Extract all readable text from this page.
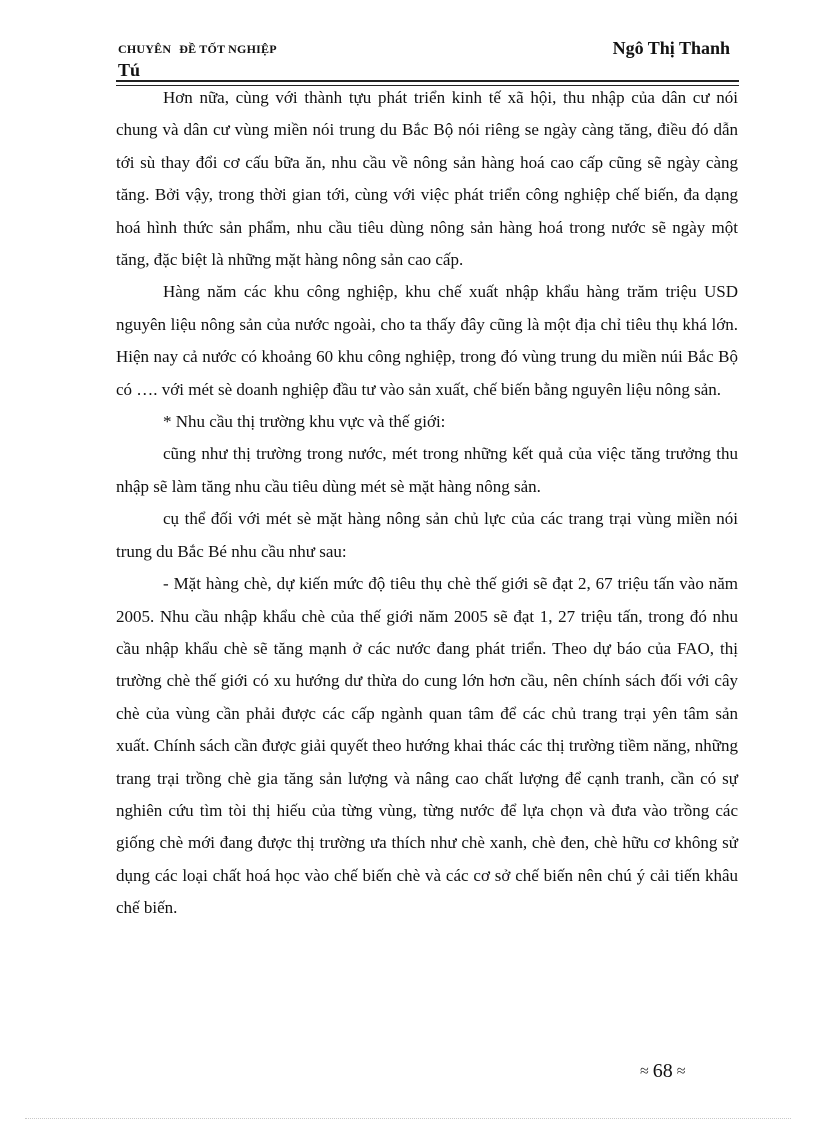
CHUYÊN ĐỀ TỐT NGHIỆP	Ngô Thị Thanh
Tú

Hơn nữa, cùng với thành tựu phát triển kinh tế xã hội, thu nhập của dân cư nói chung và dân cư vùng miền nói trung du Bắc Bộ nói riêng se ngày càng tăng, điều đó dẫn tới sù thay đổi cơ cấu bữa ăn, nhu cầu về nông sản hàng hoá cao cấp cũng sẽ ngày càng tăng. Bởi vậy, trong thời gian tới, cùng với việc phát triển công nghiệp chế biến, đa dạng hoá hình thức sản phẩm, nhu cầu tiêu dùng nông sản hàng hoá trong nước sẽ ngày một tăng, đặc biệt là những mặt hàng nông sản cao cấp.

Hàng năm các khu công nghiệp, khu chế xuất nhập khẩu hàng trăm triệu USD nguyên liệu nông sản của nước ngoài, cho ta thấy đây cũng là một địa chỉ tiêu thụ khá lớn. Hiện nay cả nước có khoảng 60 khu công nghiệp, trong đó vùng trung du miền núi Bắc Bộ có …. với mét sè doanh nghiệp đầu tư vào sản xuất, chế biến bằng nguyên liệu nông sản.

* Nhu cầu thị trường khu vực và thế giới:

cũng như thị trường trong nước, mét trong những kết quả của việc tăng trưởng thu nhập sẽ làm tăng nhu cầu tiêu dùng mét sè mặt hàng nông sản.

cụ thể đối với mét sè mặt hàng nông sản chủ lực của các trang trại vùng miền nói trung du Bắc Bé nhu cầu như sau:

- Mặt hàng chè, dự kiến mức độ tiêu thụ chè thế giới sẽ đạt 2, 67 triệu tấn vào năm 2005. Nhu cầu nhập khẩu chè của thế giới năm 2005 sẽ đạt 1, 27 triệu tấn, trong đó nhu cầu nhập khẩu chè sẽ tăng mạnh ở các nước đang phát triển. Theo dự báo của FAO, thị trường chè thế giới có xu hướng dư thừa do cung lớn hơn cầu, nên chính sách đối với cây chè của vùng cần phải được các cấp ngành quan tâm để các chủ trang trại yên tâm sản xuất. Chính sách cần được giải quyết theo hướng khai thác các thị trường tiềm năng, những trang trại trồng chè gia tăng sản lượng và nâng cao chất lượng để cạnh tranh, cần có sự nghiên cứu tìm tòi thị hiếu của từng vùng, từng nước để lựa chọn và đưa vào trồng các giống chè mới đang được thị trường ưa thích như chè xanh, chè đen, chè hữu cơ không sử dụng các loại chất hoá học vào chế biến chè và các cơ sở chế biến nên chú ý cải tiến khâu chế biến.

≈ 68 ≈
